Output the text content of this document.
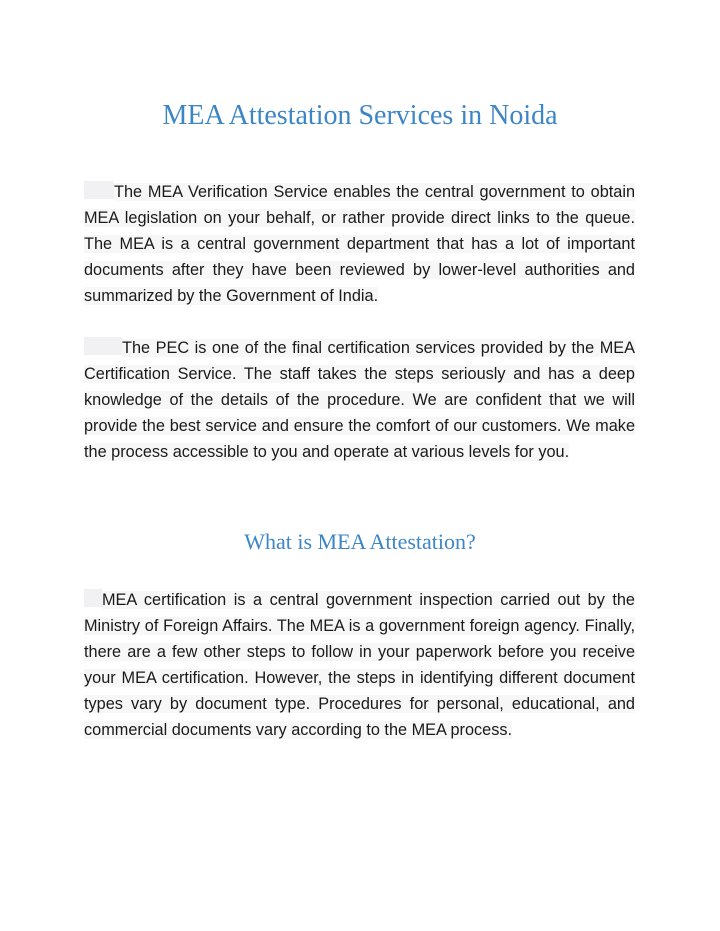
MEA Attestation Services in Noida

The MEA Verification Service enables the central government to obtain MEA legislation on your behalf, or rather provide direct links to the queue. The MEA is a central government department that has a lot of important documents after they have been reviewed by lower-level authorities and summarized by the Government of India.

The PEC is one of the final certification services provided by the MEA Certification Service. The staff takes the steps seriously and has a deep knowledge of the details of the procedure. We are confident that we will provide the best service and ensure the comfort of our customers. We make the process accessible to you and operate at various levels for you.

What is MEA Attestation?

MEA certification is a central government inspection carried out by the Ministry of Foreign Affairs. The MEA is a government foreign agency. Finally, there are a few other steps to follow in your paperwork before you receive your MEA certification. However, the steps in identifying different document types vary by document type. Procedures for personal, educational, and commercial documents vary according to the MEA process.
